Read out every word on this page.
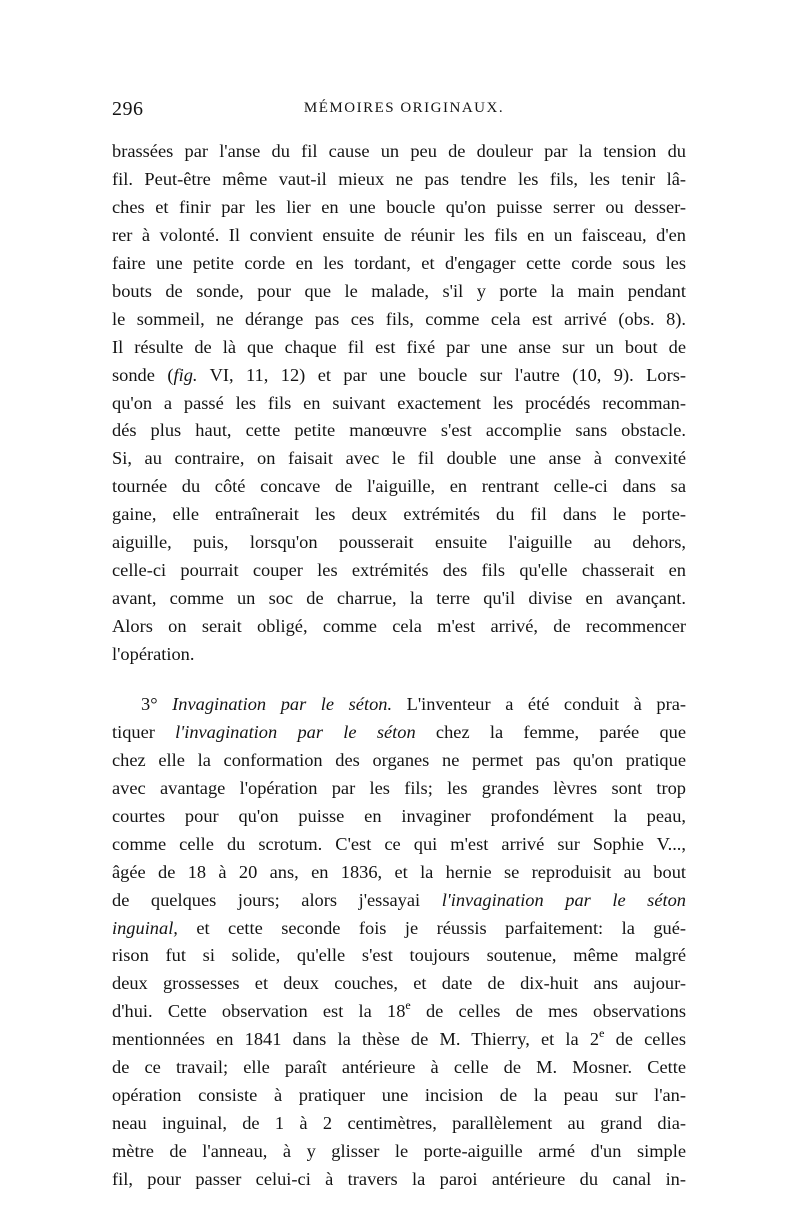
296	MÉMOIRES ORIGINAUX.
brassées par l'anse du fil cause un peu de douleur par la tension du
fil. Peut-être même vaut-il mieux ne pas tendre les fils, les tenir lâ-
ches et finir par les lier en une boucle qu'on puisse serrer ou desser-
rer à volonté. Il convient ensuite de réunir les fils en un faisceau, d'en
faire une petite corde en les tordant, et d'engager cette corde sous les
bouts de sonde, pour que le malade, s'il y porte la main pendant
le sommeil, ne dérange pas ces fils, comme cela est arrivé (obs. 8).
Il résulte de là que chaque fil est fixé par une anse sur un bout de
sonde (fig. VI, 11, 12) et par une boucle sur l'autre (10, 9). Lors-
qu'on a passé les fils en suivant exactement les procédés recomman-
dés plus haut, cette petite manœuvre s'est accomplie sans obstacle.
Si, au contraire, on faisait avec le fil double une anse à convexité
tournée du côté concave de l'aiguille, en rentrant celle-ci dans sa
gaine, elle entraînerait les deux extrémités du fil dans le porte-
aiguille, puis, lorsqu'on pousserait ensuite l'aiguille au dehors,
celle-ci pourrait couper les extrémités des fils qu'elle chasserait en
avant, comme un soc de charrue, la terre qu'il divise en avançant.
Alors on serait obligé, comme cela m'est arrivé, de recommencer
l'opération.
3° Invagination par le séton. L'inventeur a été conduit à pra-
tiquer l'invagination par le séton chez la femme, parée que
chez elle la conformation des organes ne permet pas qu'on pratique
avec avantage l'opération par les fils; les grandes lèvres sont trop
courtes pour qu'on puisse en invaginer profondément la peau,
comme celle du scrotum. C'est ce qui m'est arrivé sur Sophie V...,
âgée de 18 à 20 ans, en 1836, et la hernie se reproduisit au bout
de quelques jours; alors j'essayai l'invagination par le séton
inguinal, et cette seconde fois je réussis parfaitement: la gué-
rison fut si solide, qu'elle s'est toujours soutenue, même malgré
deux grossesses et deux couches, et date de dix-huit ans aujour-
d'hui. Cette observation est la 18e de celles de mes observations
mentionnées en 1841 dans la thèse de M. Thierry, et la 2e de celles
de ce travail; elle paraît antérieure à celle de M. Mosner. Cette
opération consiste à pratiquer une incision de la peau sur l'an-
neau inguinal, de 1 à 2 centimètres, parallèlement au grand dia-
mètre de l'anneau, à y glisser le porte-aiguille armé d'un simple
fil, pour passer celui-ci à travers la paroi antérieure du canal in-
